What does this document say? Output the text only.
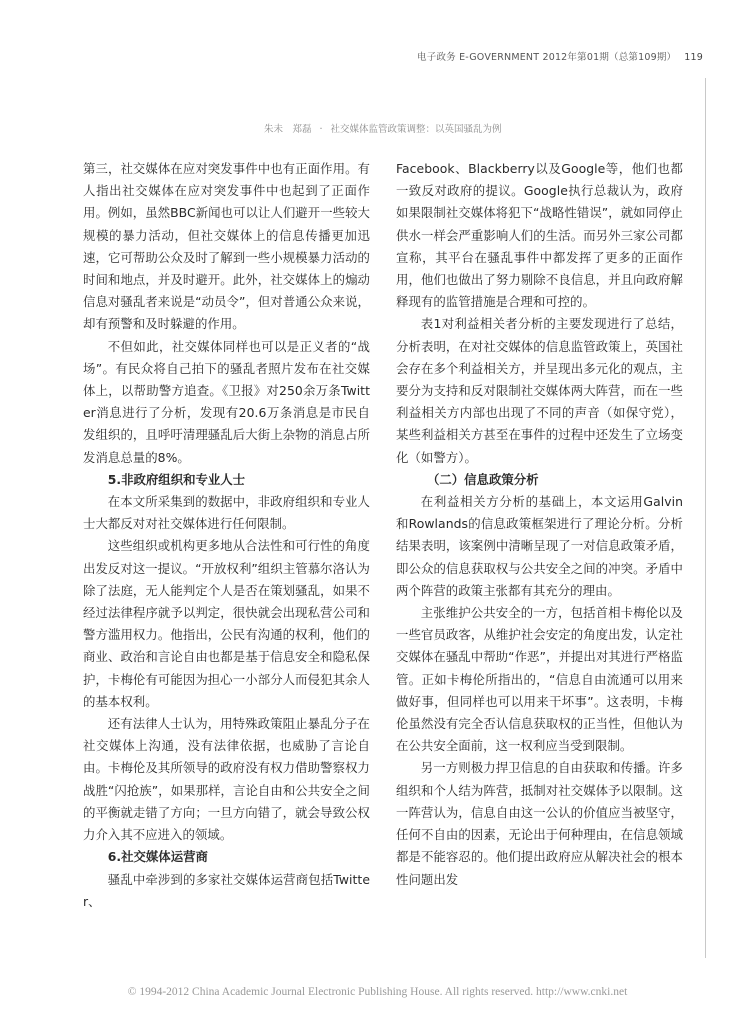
电子政务 E-GOVERNMENT 2012年第01期（总第109期） 119
朱未　郑磊 · 社交媒体监管政策调整：以英国骚乱为例

第三，社交媒体在应对突发事件中也有正面作用。有人指出社交媒体在应对突发事件中也起到了正面作用。例如，虽然BBC新闻也可以让人们避开一些较大规模的暴力活动，但社交媒体上的信息传播更加迅速，它可帮助公众及时了解到一些小规模暴力活动的时间和地点，并及时避开。此外，社交媒体上的煽动信息对骚乱者来说是“动员令”，但对普通公众来说，却有预警和及时躲避的作用。

不但如此，社交媒体同样也可以是正义者的“战场”。有民众将自己拍下的骚乱者照片发布在社交媒体上，以帮助警方追查。《卫报》对250余万条Twitter消息进行了分析，发现有20.6万条消息是市民自发组织的，且呼吁清理骚乱后大街上杂物的消息占所发消息总量的8%。

5.非政府组织和专业人士

在本文所采集到的数据中，非政府组织和专业人士大都反对对社交媒体进行任何限制。

这些组织或机构更多地从合法性和可行性的角度出发反对这一提议。“开放权利”组织主管慕尔洛认为除了法庭，无人能判定个人是否在策划骚乱，如果不经过法律程序就予以判定，很快就会出现私营公司和警方滥用权力。他指出，公民有沟通的权利，他们的商业、政治和言论自由也都是基于信息安全和隐私保护，卡梅伦有可能因为担心一小部分人而侵犯其余人的基本权利。

还有法律人士认为，用特殊政策阻止暴乱分子在社交媒体上沟通，没有法律依据，也威胁了言论自由。卡梅伦及其所领导的政府没有权力借助警察权力战胜“闪抢族”，如果那样，言论自由和公共安全之间的平衡就走错了方向；一旦方向错了，就会导致公权力介入其不应进入的领域。

6.社交媒体运营商

骚乱中牵涉到的多家社交媒体运营商包括Twitter、

Facebook、Blackberry以及Google等，他们也都一致反对政府的提议。Google执行总裁认为，政府如果限制社交媒体将犯下“战略性错误”，就如同停止供水一样会严重影响人们的生活。而另外三家公司都宣称，其平台在骚乱事件中都发挥了更多的正面作用，他们也做出了努力剔除不良信息，并且向政府解释现有的监管措施是合理和可控的。

表1对利益相关者分析的主要发现进行了总结，分析表明，在对社交媒体的信息监管政策上，英国社会存在多个利益相关方，并呈现出多元化的观点，主要分为支持和反对限制社交媒体两大阵营，而在一些利益相关方内部也出现了不同的声音（如保守党），某些利益相关方甚至在事件的过程中还发生了立场变化（如警方）。

（二）信息政策分析

在利益相关方分析的基础上，本文运用Galvin和Rowlands的信息政策框架进行了理论分析。分析结果表明，该案例中清晰呈现了一对信息政策矛盾，即公众的信息获取权与公共安全之间的冲突。矛盾中两个阵营的政策主张都有其充分的理由。

主张维护公共安全的一方，包括首相卡梅伦以及一些官员政客，从维护社会安定的角度出发，认定社交媒体在骚乱中帮助“作恶”，并提出对其进行严格监管。正如卡梅伦所指出的，“信息自由流通可以用来做好事，但同样也可以用来干坏事”。这表明，卡梅伦虽然没有完全否认信息获取权的正当性，但他认为在公共安全面前，这一权利应当受到限制。

另一方则极力捍卫信息的自由获取和传播。许多组织和个人结为阵营，抵制对社交媒体予以限制。这一阵营认为，信息自由这一公认的价值应当被坚守，任何不自由的因素，无论出于何种理由，在信息领域都是不能容忍的。他们提出政府应从解决社会的根本性问题出发

© 1994-2012 China Academic Journal Electronic Publishing House. All rights reserved. http://www.cnki.net
